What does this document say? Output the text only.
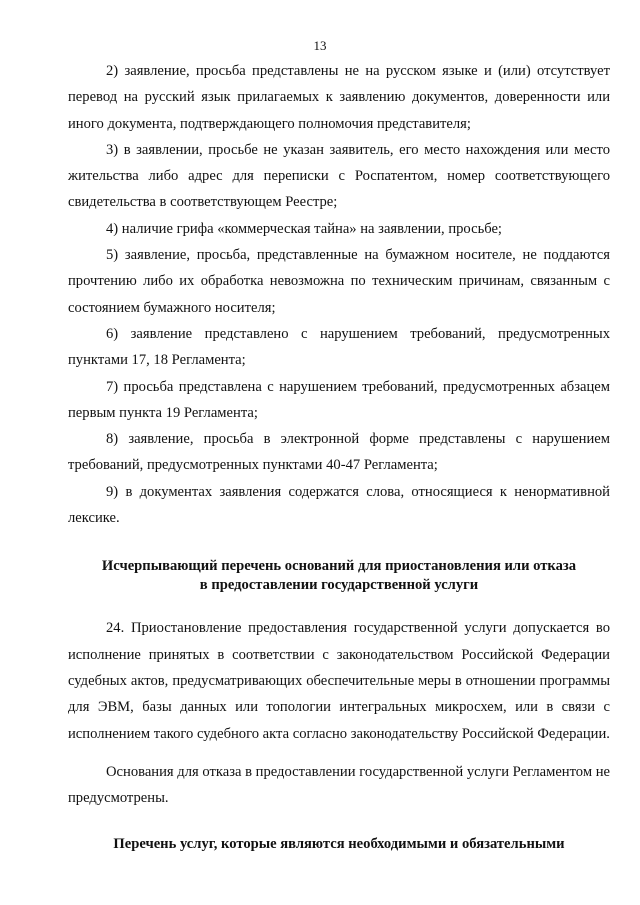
13

2) заявление, просьба представлены не на русском языке и (или) отсутствует перевод на русский язык прилагаемых к заявлению документов, доверенности или иного документа, подтверждающего полномочия представителя;

3) в заявлении, просьбе не указан заявитель, его место нахождения или место жительства либо адрес для переписки с Роспатентом, номер соответствующего свидетельства в соответствующем Реестре;

4) наличие грифа «коммерческая тайна» на заявлении, просьбе;

5) заявление, просьба, представленные на бумажном носителе, не поддаются прочтению либо их обработка невозможна по техническим причинам, связанным с состоянием бумажного носителя;

6) заявление представлено с нарушением требований, предусмотренных пунктами 17, 18 Регламента;

7) просьба представлена с нарушением требований, предусмотренных абзацем первым пункта 19 Регламента;

8) заявление, просьба в электронной форме представлены с нарушением требований, предусмотренных пунктами 40-47 Регламента;

9) в документах заявления содержатся слова, относящиеся к ненормативной лексике.

Исчерпывающий перечень оснований для приостановления или отказа
в предоставлении государственной услуги

24. Приостановление предоставления государственной услуги допускается во исполнение принятых в соответствии с законодательством Российской Федерации судебных актов, предусматривающих обеспечительные меры в отношении программы для ЭВМ, базы данных или топологии интегральных микросхем, или в связи с исполнением такого судебного акта согласно законодательству Российской Федерации.

Основания для отказа в предоставлении государственной услуги Регламентом не предусмотрены.

Перечень услуг, которые являются необходимыми и обязательными
